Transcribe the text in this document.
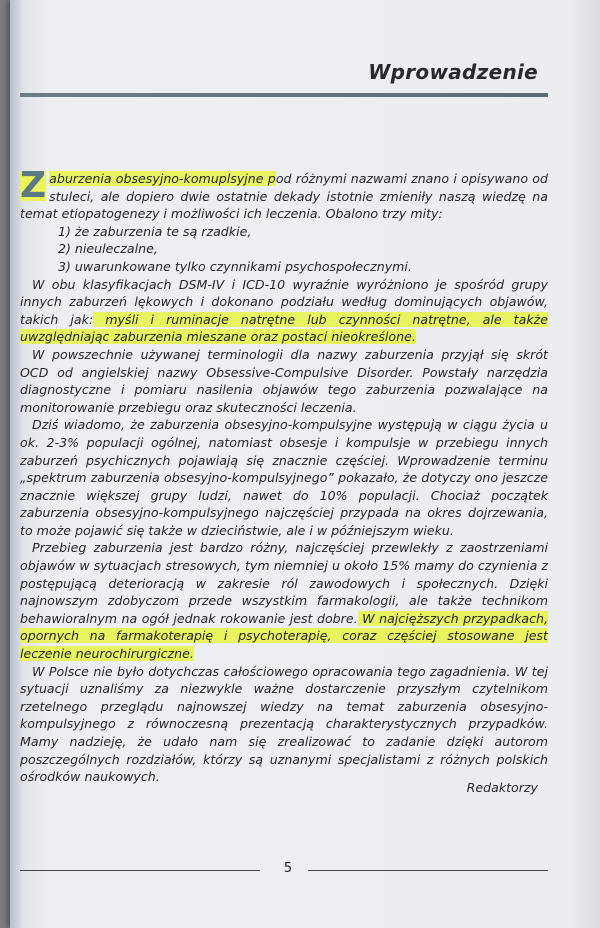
Wprowadzenie

Z aburzenia obsesyjno-komuplsyjne pod różnymi nazwami znano i opisywano od stuleci, ale dopiero dwie ostatnie dekady istotnie zmieniły naszą wiedzę na temat etiopatogenezy i możliwości ich leczenia. Obalono trzy mity:

1) że zaburzenia te są rzadkie,
2) nieuleczalne,
3) uwarunkowane tylko czynnikami psychospołecznymi.

W obu klasyfikacjach DSM-IV i ICD-10 wyraźnie wyróżniono je spośród grupy innych zaburzeń lękowych i dokonano podziału według dominujących objawów, takich jak: myśli i ruminacje natrętne lub czynności natrętne, ale także uwzględniając zaburzenia mieszane oraz postaci nieokreślone.

W powszechnie używanej terminologii dla nazwy zaburzenia przyjął się skrót OCD od angielskiej nazwy Obsessive-Compulsive Disorder. Powstały narzędzia diagnostyczne i pomiaru nasilenia objawów tego zaburzenia pozwalające na monitorowanie przebiegu oraz skuteczności leczenia.

Dziś wiadomo, że zaburzenia obsesyjno-kompulsyjne występują w ciągu życia u ok. 2-3% populacji ogólnej, natomiast obsesje i kompulsje w przebiegu innych zaburzeń psychicznych pojawiają się znacznie częściej. Wprowadzenie terminu „spektrum zaburzenia obsesyjno-kompulsyjnego” pokazało, że dotyczy ono jeszcze znacznie większej grupy ludzi, nawet do 10% populacji. Chociaż początek zaburzenia obsesyjno-kompulsyjnego najczęściej przypada na okres dojrzewania, to może pojawić się także w dzieciństwie, ale i w późniejszym wieku.

Przebieg zaburzenia jest bardzo różny, najczęściej przewlekły z zaostrzeniami objawów w sytuacjach stresowych, tym niemniej u około 15% mamy do czynienia z postępującą deterioracją w zakresie ról zawodowych i społecznych. Dzięki najnowszym zdobyczom przede wszystkim farmakologii, ale także technikom behawioralnym na ogół jednak rokowanie jest dobre. W najcięższych przypadkach, opornych na farmakoterapię i psychoterapię, coraz częściej stosowane jest leczenie neurochirurgiczne.

W Polsce nie było dotychczas całościowego opracowania tego zagadnienia. W tej sytuacji uznaliśmy za niezwykle ważne dostarczenie przyszłym czytelnikom rzetelnego przeglądu najnowszej wiedzy na temat zaburzenia obsesyjno-kompulsyjnego z równoczesną prezentacją charakterystycznych przypadków. Mamy nadzieję, że udało nam się zrealizować to zadanie dzięki autorom poszczególnych rozdziałów, którzy są uznanymi specjalistami z różnych polskich ośrodków naukowych.

Redaktorzy
5
